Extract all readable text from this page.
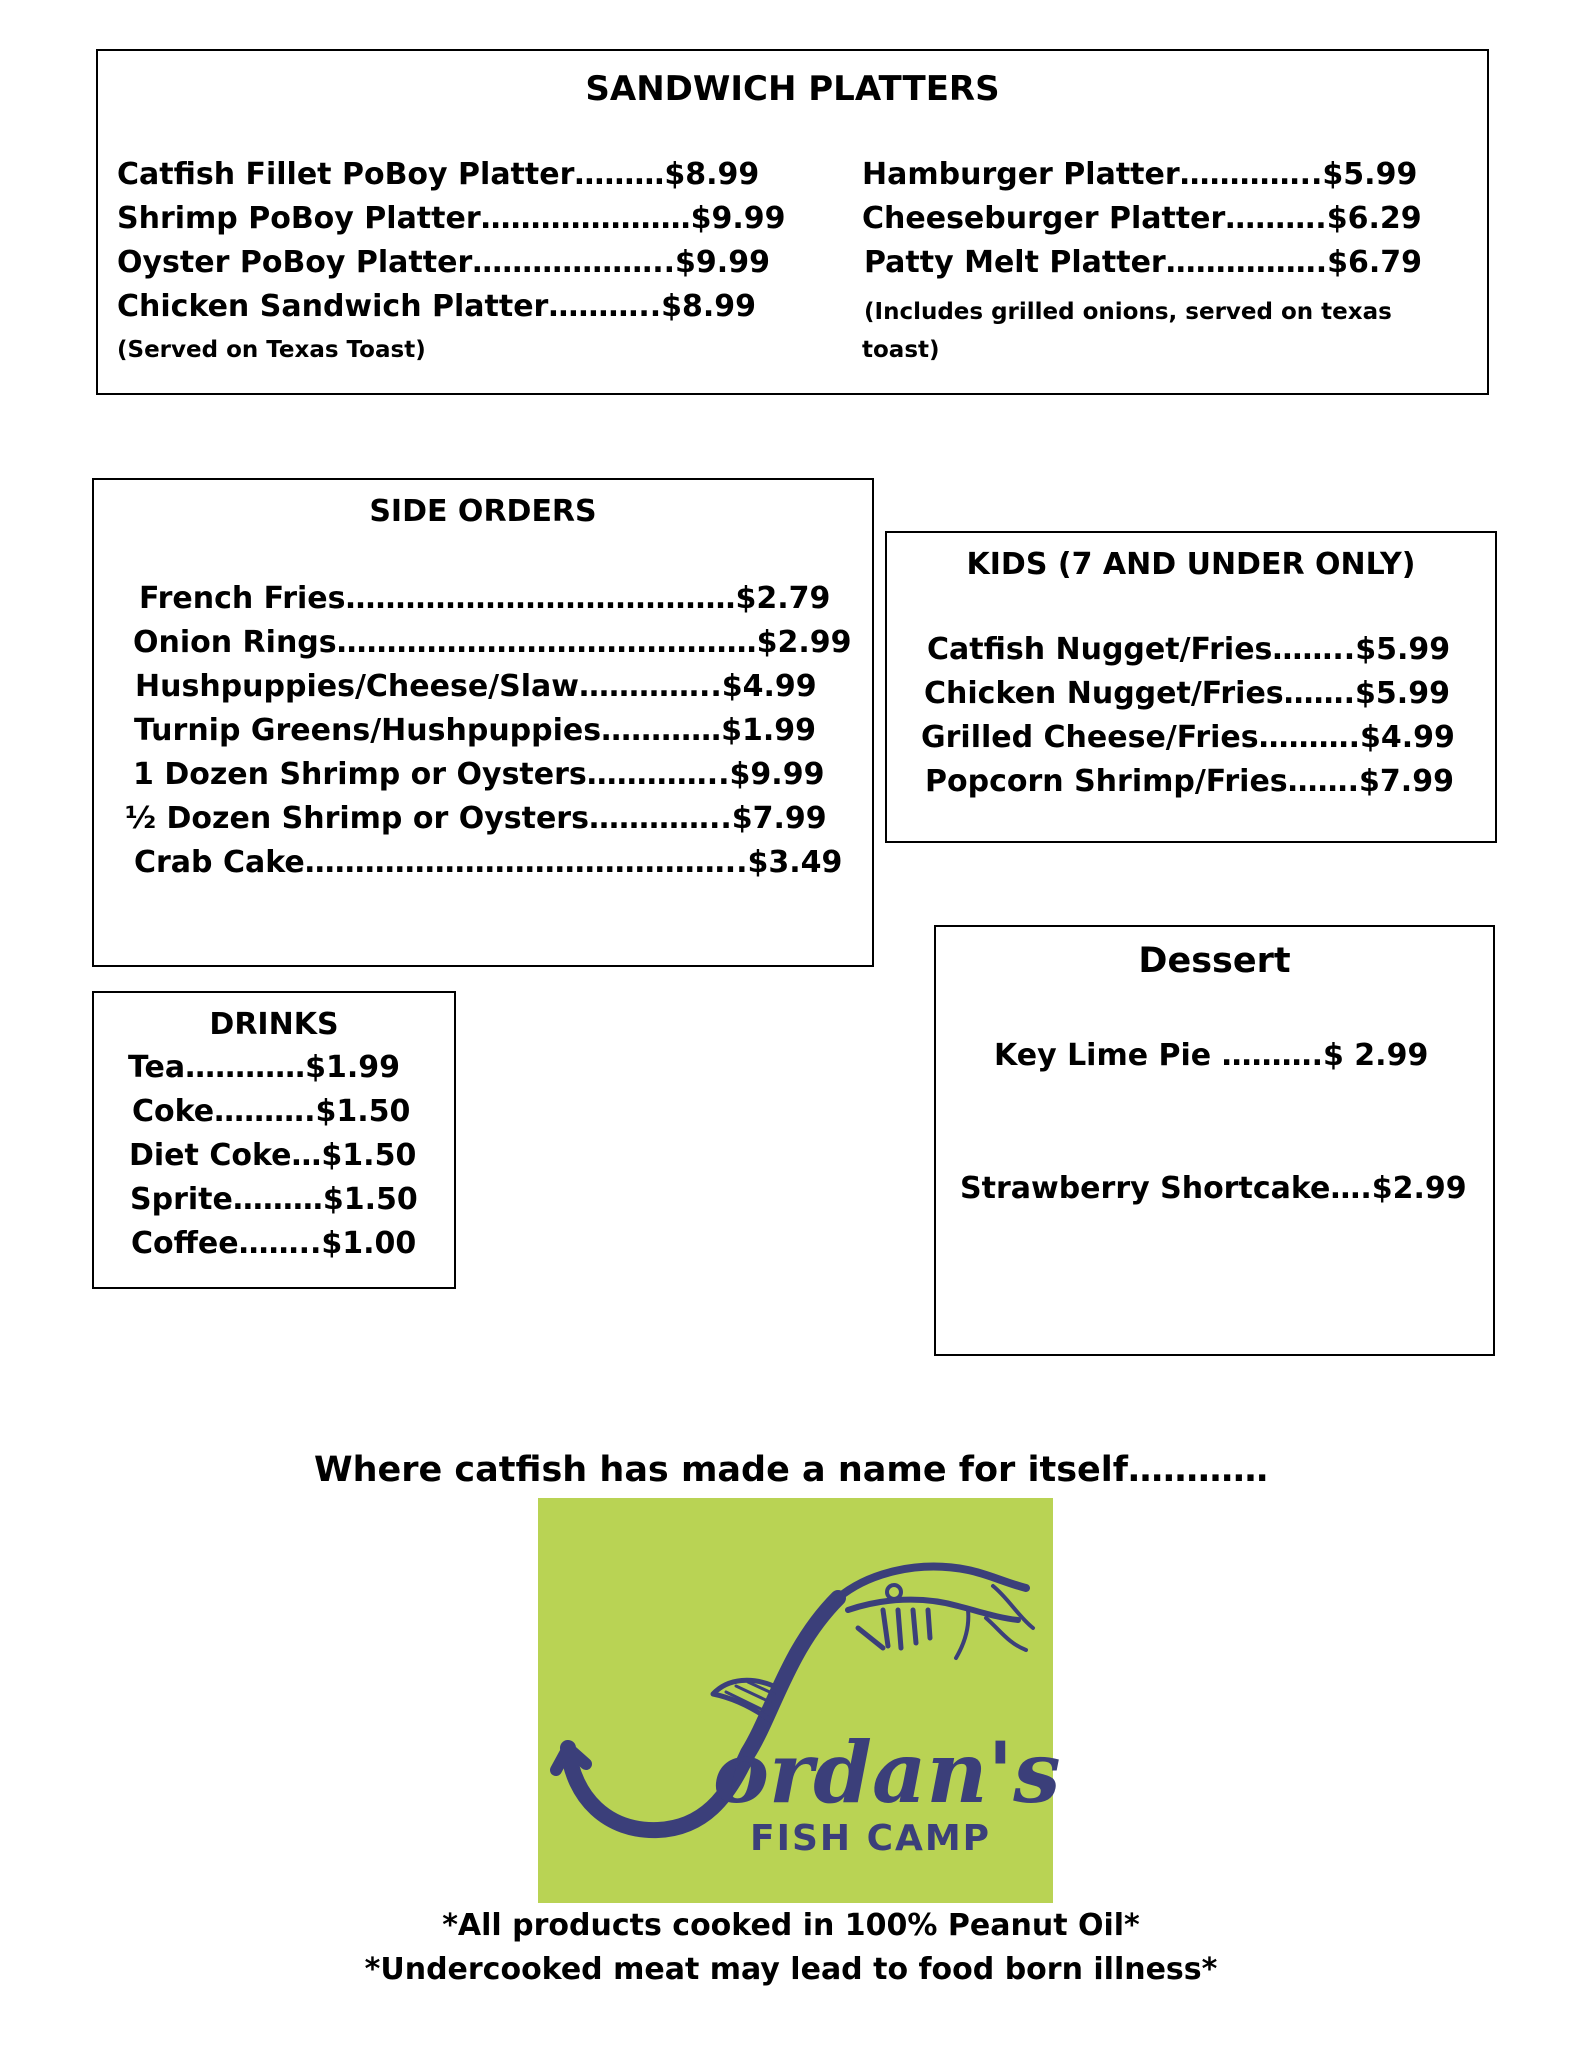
SANDWICH PLATTERS
Catfish Fillet PoBoy Platter………$8.99
Shrimp PoBoy Platter…………………$9.99
Oyster PoBoy Platter………………..$9.99
Chicken Sandwich Platter………..$8.99
(Served on Texas Toast)
Hamburger Platter…………..$5.99
Cheeseburger Platter……….$6.29
Patty Melt Platter…………….$6.79
(Includes grilled onions, served on texas
toast)
SIDE ORDERS
French Fries…………………………………$2.79
Onion Rings……………………………………$2.99
Hushpuppies/Cheese/Slaw…………..$4.99
Turnip Greens/Hushpuppies…………$1.99
1 Dozen Shrimp or Oysters…………..$9.99
½ Dozen Shrimp or Oysters…………..$7.99
Crab Cake……………………………………..$3.49
KIDS (7 AND UNDER ONLY)
Catfish Nugget/Fries……..$5.99
Chicken Nugget/Fries…….$5.99
Grilled Cheese/Fries……….$4.99
Popcorn Shrimp/Fries…….$7.99
DRINKS
Tea…………$1.99
Coke……….$1.50
Diet Coke…$1.50
Sprite………$1.50
Coffee……..$1.00
Dessert
Key Lime Pie ……….$ 2.99
Strawberry Shortcake….$2.99
Where catfish has made a name for itself…………
ordan's
FISH CAMP
*All products cooked in 100% Peanut Oil*
*Undercooked meat may lead to food born illness*
